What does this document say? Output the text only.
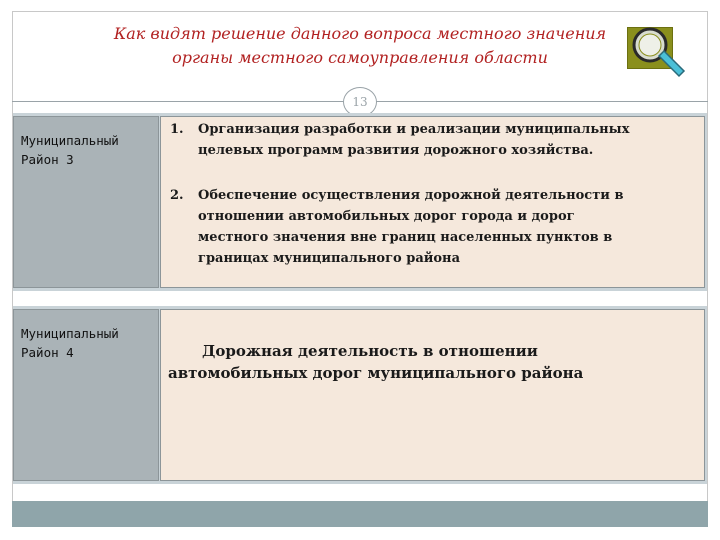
Как видят решение данного вопроса местного значения
органы местного самоуправления области
13
Муниципальный
Район 3
1. Организация разработки и реализации муниципальных
целевых программ развития дорожного хозяйства.
2. Обеспечение осуществления дорожной деятельности в
отношении автомобильных дорог города и дорог
местного значения вне границ населенных пунктов в
границах муниципального района
Муниципальный
Район 4	Дорожная деятельность в отношении
автомобильных дорог муниципального района
